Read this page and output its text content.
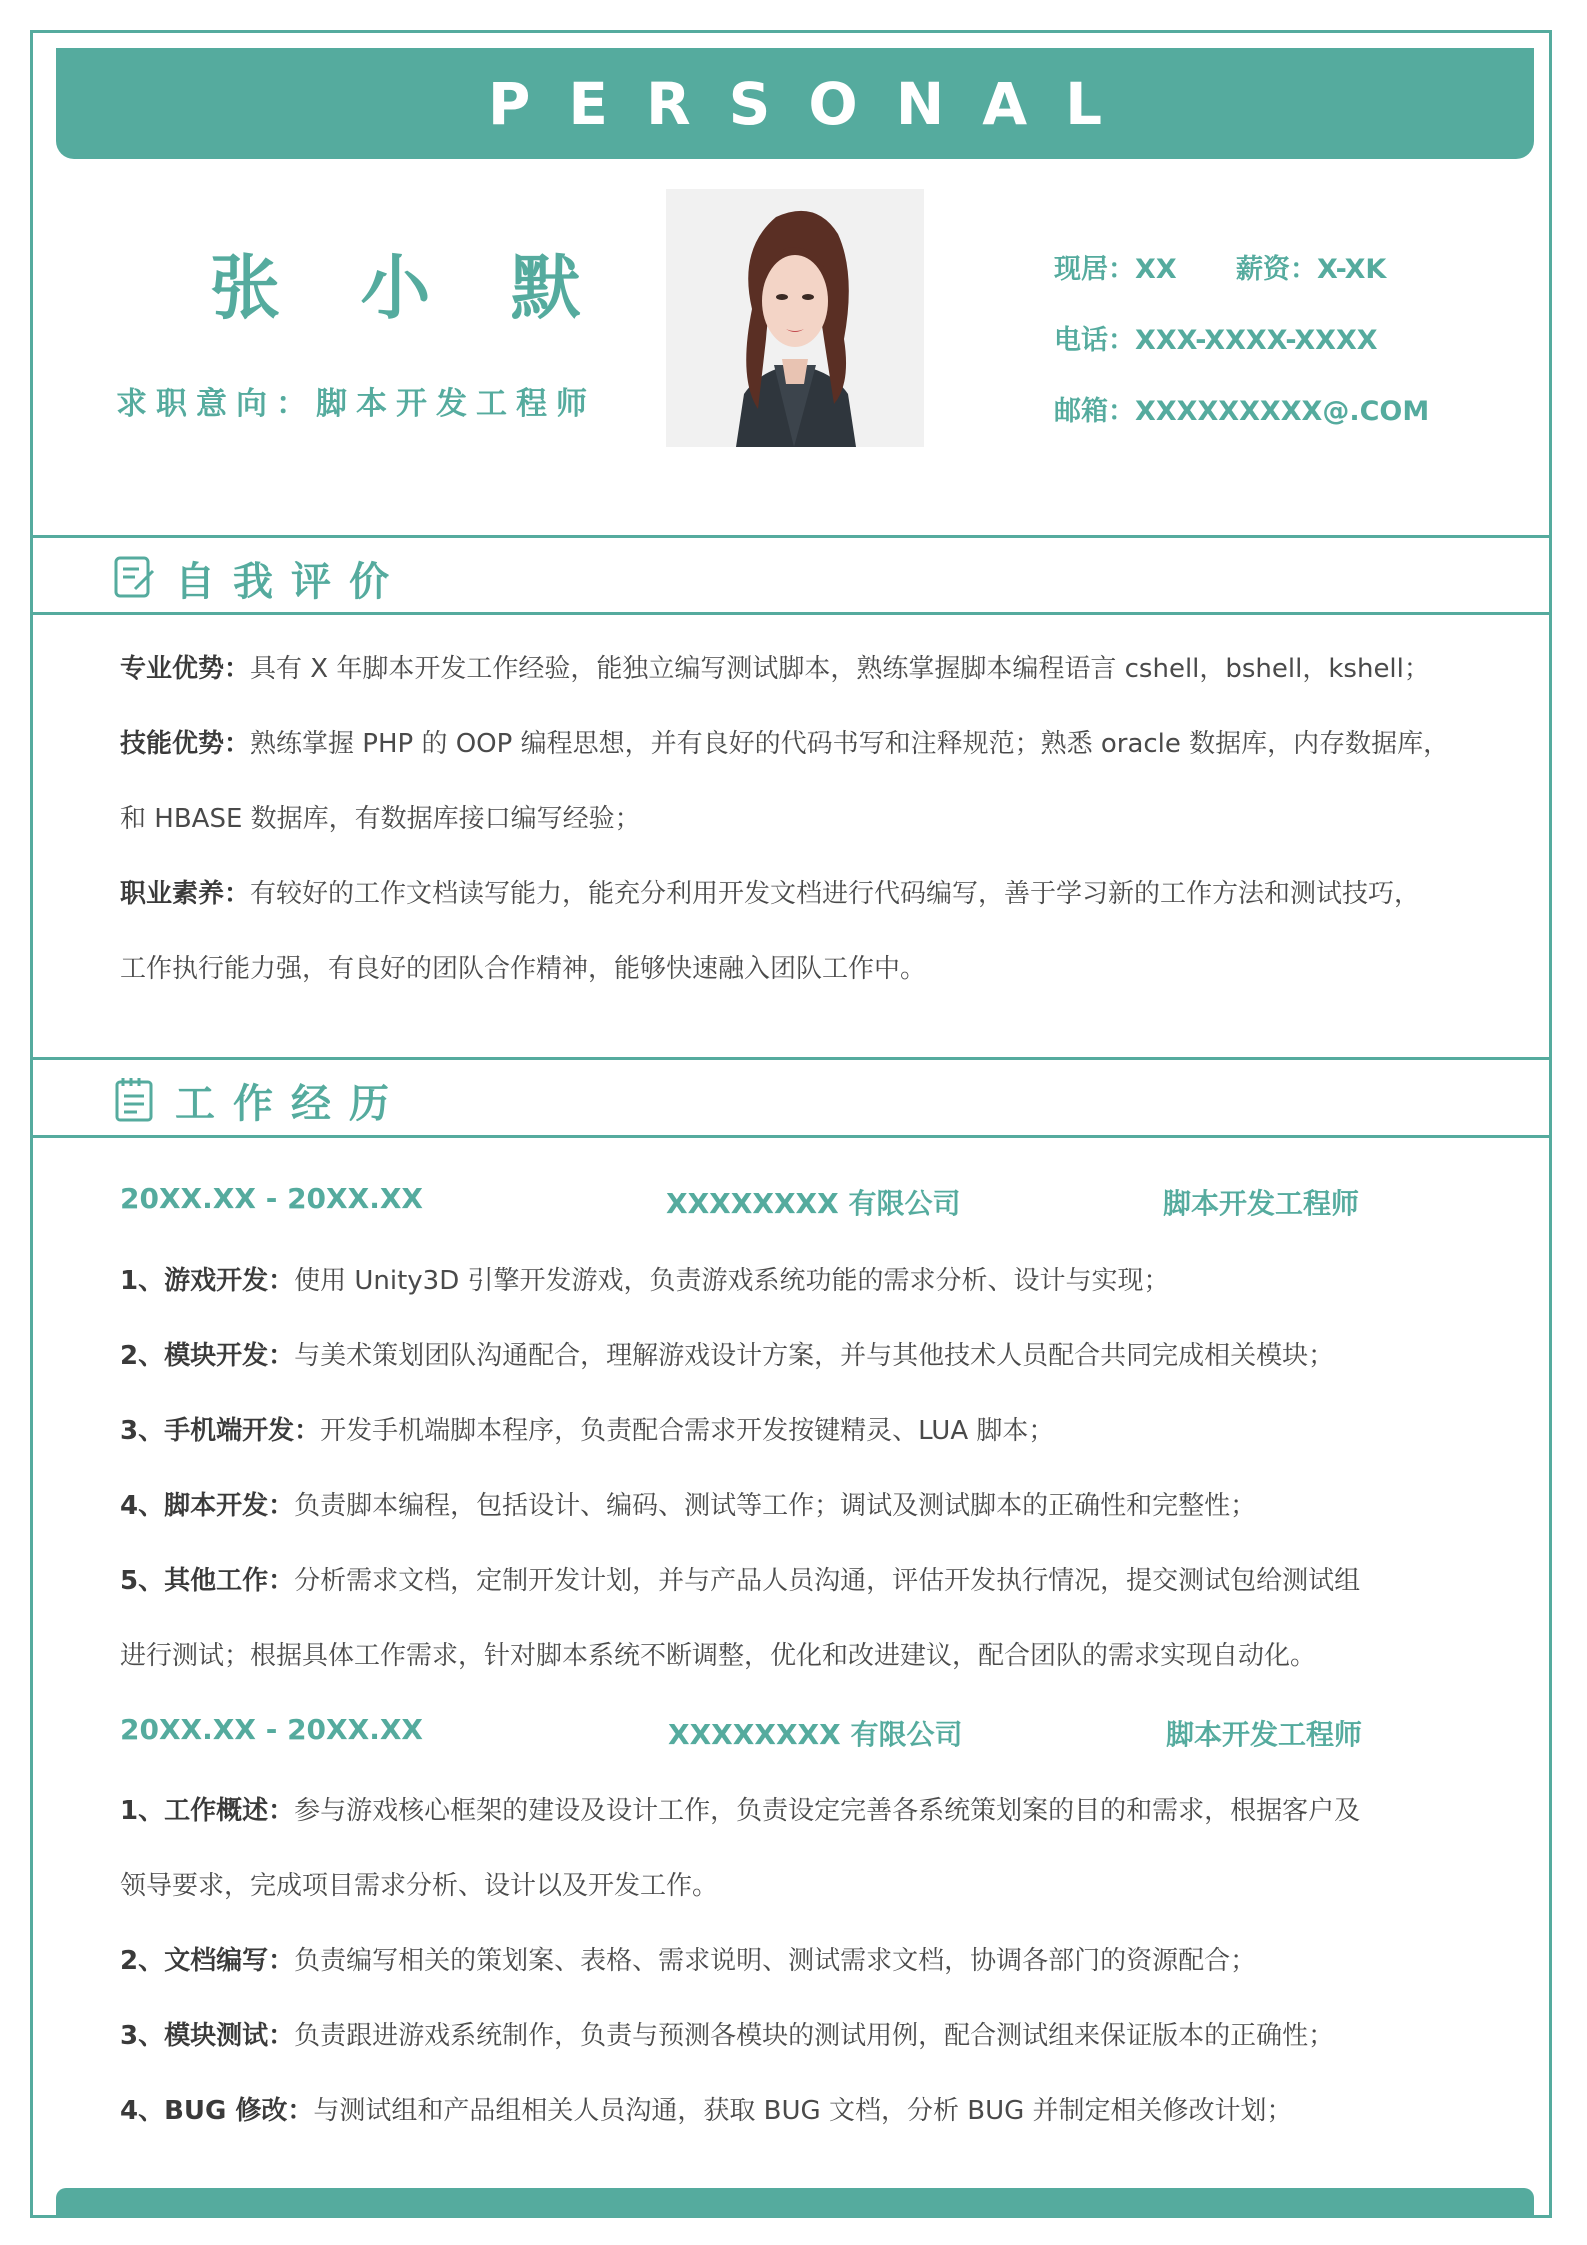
PERSONAL
张 小 默
求职意向：脚本开发工程师
现居：XX 薪资：X-XK
电话：XXX-XXXX-XXXX
邮箱：XXXXXXXXX@.COM
自我评价
专业优势：具有 X 年脚本开发工作经验，能独立编写测试脚本，熟练掌握脚本编程语言 cshell，bshell，kshell；
技能优势：熟练掌握 PHP 的 OOP 编程思想，并有良好的代码书写和注释规范；熟悉 oracle 数据库，内存数据库，
和 HBASE 数据库，有数据库接口编写经验；
职业素养：有较好的工作文档读写能力，能充分利用开发文档进行代码编写，善于学习新的工作方法和测试技巧，
工作执行能力强，有良好的团队合作精神，能够快速融入团队工作中。
工作经历
20XX.XX - 20XX.XX	XXXXXXXX 有限公司	脚本开发工程师
1、游戏开发：使用 Unity3D 引擎开发游戏，负责游戏系统功能的需求分析、设计与实现；
2、模块开发：与美术策划团队沟通配合，理解游戏设计方案，并与其他技术人员配合共同完成相关模块；
3、手机端开发：开发手机端脚本程序，负责配合需求开发按键精灵、LUA 脚本；
4、脚本开发：负责脚本编程，包括设计、编码、测试等工作；调试及测试脚本的正确性和完整性；
5、其他工作：分析需求文档，定制开发计划，并与产品人员沟通，评估开发执行情况，提交测试包给测试组
进行测试；根据具体工作需求，针对脚本系统不断调整，优化和改进建议，配合团队的需求实现自动化。
20XX.XX - 20XX.XX	XXXXXXXX 有限公司	脚本开发工程师
1、工作概述：参与游戏核心框架的建设及设计工作，负责设定完善各系统策划案的目的和需求，根据客户及
领导要求，完成项目需求分析、设计以及开发工作。
2、文档编写：负责编写相关的策划案、表格、需求说明、测试需求文档，协调各部门的资源配合；
3、模块测试：负责跟进游戏系统制作，负责与预测各模块的测试用例，配合测试组来保证版本的正确性；
4、BUG 修改：与测试组和产品组相关人员沟通，获取 BUG 文档，分析 BUG 并制定相关修改计划；
